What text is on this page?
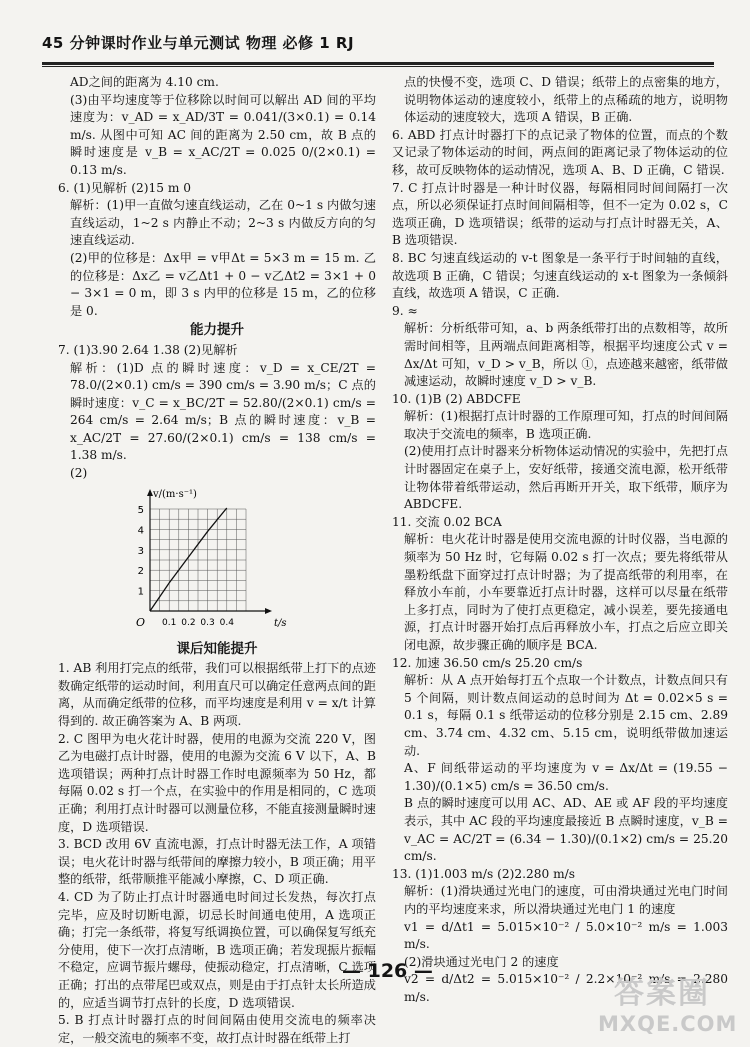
45 分钟课时作业与单元测试 物理 必修 1 RJ

AD之间的距离为 4.10 cm.

(3)由平均速度等于位移除以时间可以解出 AD 间的平均速度为：v_AD = x_AD/3T = 0.041/(3×0.1) = 0.14 m/s. 从图中可知 AC 间的距离为 2.50 cm，故 B 点的瞬时速度是 v_B = x_AC/2T = 0.025 0/(2×0.1) = 0.13 m/s.

6. (1)见解析 (2)15 m 0

解析：(1)甲一直做匀速直线运动，乙在 0~1 s 内做匀速直线运动，1~2 s 内静止不动；2~3 s 内做反方向的匀速直线运动.

(2)甲的位移是：Δx甲 = v甲Δt = 5×3 m = 15 m. 乙的位移是：Δx乙 = v乙Δt1 + 0 − v乙Δt2 = 3×1 + 0 − 3×1 = 0 m，即 3 s 内甲的位移是 15 m，乙的位移是 0.

能力提升

7. (1)3.90 2.64 1.38 (2)见解析

解析：(1)D 点的瞬时速度：v_D = x_CE/2T = 78.0/(2×0.1) cm/s = 390 cm/s = 3.90 m/s；C 点的瞬时速度：v_C = x_BC/2T = 52.80/(2×0.1) cm/s = 264 cm/s = 2.64 m/s；B 点的瞬时速度：v_B = x_AC/2T = 27.60/(2×0.1) cm/s = 138 cm/s = 1.38 m/s.

(2)

1
2
3
4
5
0.1 0.2 0.3 0.4
O	t/s
v/(m·s⁻¹)

课后知能提升

1. AB 利用打完点的纸带，我们可以根据纸带上打下的点迹数确定纸带的运动时间，利用直尺可以确定任意两点间的距离，从而确定纸带的位移，而平均速度是利用 v = x/t 计算得到的. 故正确答案为 A、B 两项.

2. C 图甲为电火花计时器，使用的电源为交流 220 V，图乙为电磁打点计时器，使用的电源为交流 6 V 以下，A、B 选项错误；两种打点计时器工作时电源频率为 50 Hz，都每隔 0.02 s 打一个点，在实验中的作用是相同的，C 选项正确；利用打点计时器可以测量位移，不能直接测量瞬时速度，D 选项错误.

3. BCD 改用 6V 直流电源，打点计时器无法工作，A 项错误；电火花计时器与纸带间的摩擦力较小，B 项正确；用平整的纸带，纸带顺推平能减小摩擦，C、D 项正确.

4. CD 为了防止打点计时器通电时间过长发热，每次打点完毕，应及时切断电源，切忌长时间通电使用，A 选项正确；打完一条纸带，将复写纸调换位置，可以确保复写纸充分使用，使下一次打点清晰，B 选项正确；若发现振片振幅不稳定，应调节振片螺母，使振动稳定，打点清晰，C 选项正确；打出的点带尾巴或双点，则是由于打点针太长所造成的，应适当调节打点针的长度，D 选项错误.

5. B 打点计时器打点的时间间隔由使用交流电的频率决定，一般交流电的频率不变，故打点计时器在纸带上打

点的快慢不变，选项 C、D 错误；纸带上的点密集的地方，说明物体运动的速度较小，纸带上的点稀疏的地方，说明物体运动的速度较大，选项 A 错误，B 正确.

6. ABD 打点计时器打下的点记录了物体的位置，而点的个数又记录了物体运动的时间，两点间的距离记录了物体运动的位移，故可反映物体的运动情况，选项 A、B、D 正确，C 错误.

7. C 打点计时器是一种计时仪器，每隔相同时间间隔打一次点，所以必须保证打点时间间隔相等，但不一定为 0.02 s，C 选项正确，D 选项错误；纸带的运动与打点计时器无关，A、B 选项错误.

8. BC 匀速直线运动的 v-t 图象是一条平行于时间轴的直线，故选项 B 正确，C 错误；匀速直线运动的 x-t 图象为一条倾斜直线，故选项 A 错误，C 正确.

9. ≈

解析：分析纸带可知，a、b 两条纸带打出的点数相等，故所需时间相等，且两端点间距离相等，根据平均速度公式 v = Δx/Δt 可知，v_D > v_B，所以 ①，点迹越来越密，纸带做减速运动，故瞬时速度 v_D > v_B.

10. (1)B (2) ABDCFE

解析：(1)根据打点计时器的工作原理可知，打点的时间间隔取决于交流电的频率，B 选项正确.

(2)使用打点计时器来分析物体运动情况的实验中，先把打点计时器固定在桌子上，安好纸带，接通交流电源，松开纸带让物体带着纸带运动，然后再断开开关，取下纸带，顺序为 ABDCFE.

11. 交流 0.02 BCA

解析：电火花计时器是使用交流电源的计时仪器，当电源的频率为 50 Hz 时，它每隔 0.02 s 打一次点；要先将纸带从墨粉纸盘下面穿过打点计时器；为了提高纸带的利用率，在释放小车前，小车要靠近打点计时器，这样可以尽量在纸带上多打点，同时为了使打点更稳定，减小误差，要先接通电源，打点计时器开始打点后再释放小车，打点之后应立即关闭电源，故步骤正确的顺序是 BCA.

12. 加速 36.50 cm/s 25.20 cm/s

解析：从 A 点开始每打五个点取一个计数点，计数点间只有 5 个间隔，则计数点间运动的总时间为 Δt = 0.02×5 s = 0.1 s，每隔 0.1 s 纸带运动的位移分别是 2.15 cm、2.89 cm、3.74 cm、4.32 cm、5.15 cm，说明纸带做加速运动.

A、F 间纸带运动的平均速度为 v = Δx/Δt = (19.55 − 1.30)/(0.1×5) cm/s = 36.50 cm/s.

B 点的瞬时速度可以用 AC、AD、AE 或 AF 段的平均速度表示，其中 AC 段的平均速度最接近 B 点瞬时速度，v_B = v_AC = AC/2T = (6.34 − 1.30)/(0.1×2) cm/s = 25.20 cm/s.

13. (1)1.003 m/s (2)2.280 m/s

解析：(1)滑块通过光电门的速度，可由滑块通过光电门时间内的平均速度来求，所以滑块通过光电门 1 的速度

v1 = d/Δt1 = 5.015×10⁻² / 5.0×10⁻² m/s = 1.003 m/s.

(2)滑块通过光电门 2 的速度

v2 = d/Δt2 = 5.015×10⁻² / 2.2×10⁻² m/s = 2.280 m/s.

— 126 —
答案圈
MXQE.COM
